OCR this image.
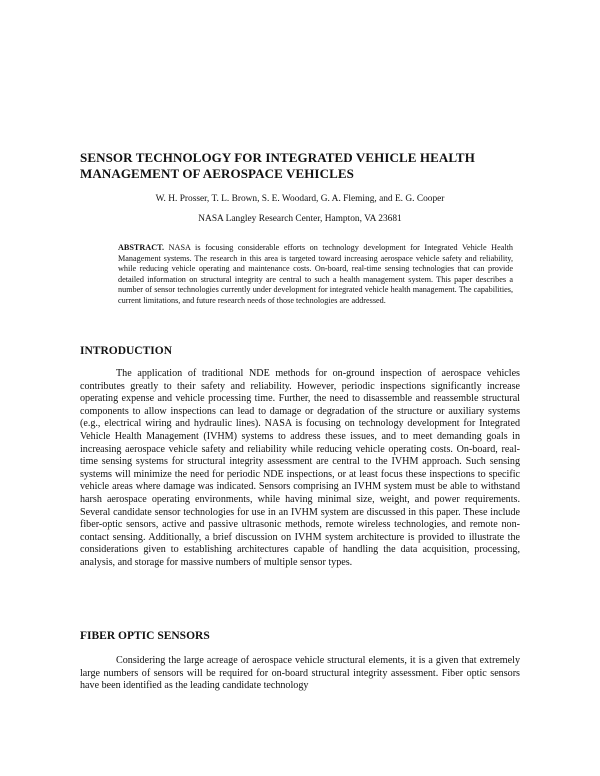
SENSOR TECHNOLOGY FOR INTEGRATED VEHICLE HEALTH
MANAGEMENT OF AEROSPACE VEHICLES
W. H. Prosser, T. L. Brown, S. E. Woodard, G. A. Fleming, and E. G. Cooper
NASA Langley Research Center, Hampton, VA 23681
ABSTRACT. NASA is focusing considerable efforts on technology development for Integrated Vehicle Health Management systems. The research in this area is targeted toward increasing aerospace vehicle safety and reliability, while reducing vehicle operating and maintenance costs. On-board, real-time sensing technologies that can provide detailed information on structural integrity are central to such a health management system. This paper describes a number of sensor technologies currently under development for integrated vehicle health management. The capabilities, current limitations, and future research needs of those technologies are addressed.
INTRODUCTION
The application of traditional NDE methods for on-ground inspection of aerospace vehicles contributes greatly to their safety and reliability. However, periodic inspections significantly increase operating expense and vehicle processing time. Further, the need to disassemble and reassemble structural components to allow inspections can lead to damage or degradation of the structure or auxiliary systems (e.g., electrical wiring and hydraulic lines). NASA is focusing on technology development for Integrated Vehicle Health Management (IVHM) systems to address these issues, and to meet demanding goals in increasing aerospace vehicle safety and reliability while reducing vehicle operating costs. On-board, real-time sensing systems for structural integrity assessment are central to the IVHM approach. Such sensing systems will minimize the need for periodic NDE inspections, or at least focus these inspections to specific vehicle areas where damage was indicated. Sensors comprising an IVHM system must be able to withstand harsh aerospace operating environments, while having minimal size, weight, and power requirements. Several candidate sensor technologies for use in an IVHM system are discussed in this paper. These include fiber-optic sensors, active and passive ultrasonic methods, remote wireless technologies, and remote non-contact sensing. Additionally, a brief discussion on IVHM system architecture is provided to illustrate the considerations given to establishing architectures capable of handling the data acquisition, processing, analysis, and storage for massive numbers of multiple sensor types.
FIBER OPTIC SENSORS
Considering the large acreage of aerospace vehicle structural elements, it is a given that extremely large numbers of sensors will be required for on-board structural integrity assessment. Fiber optic sensors have been identified as the leading candidate technology
